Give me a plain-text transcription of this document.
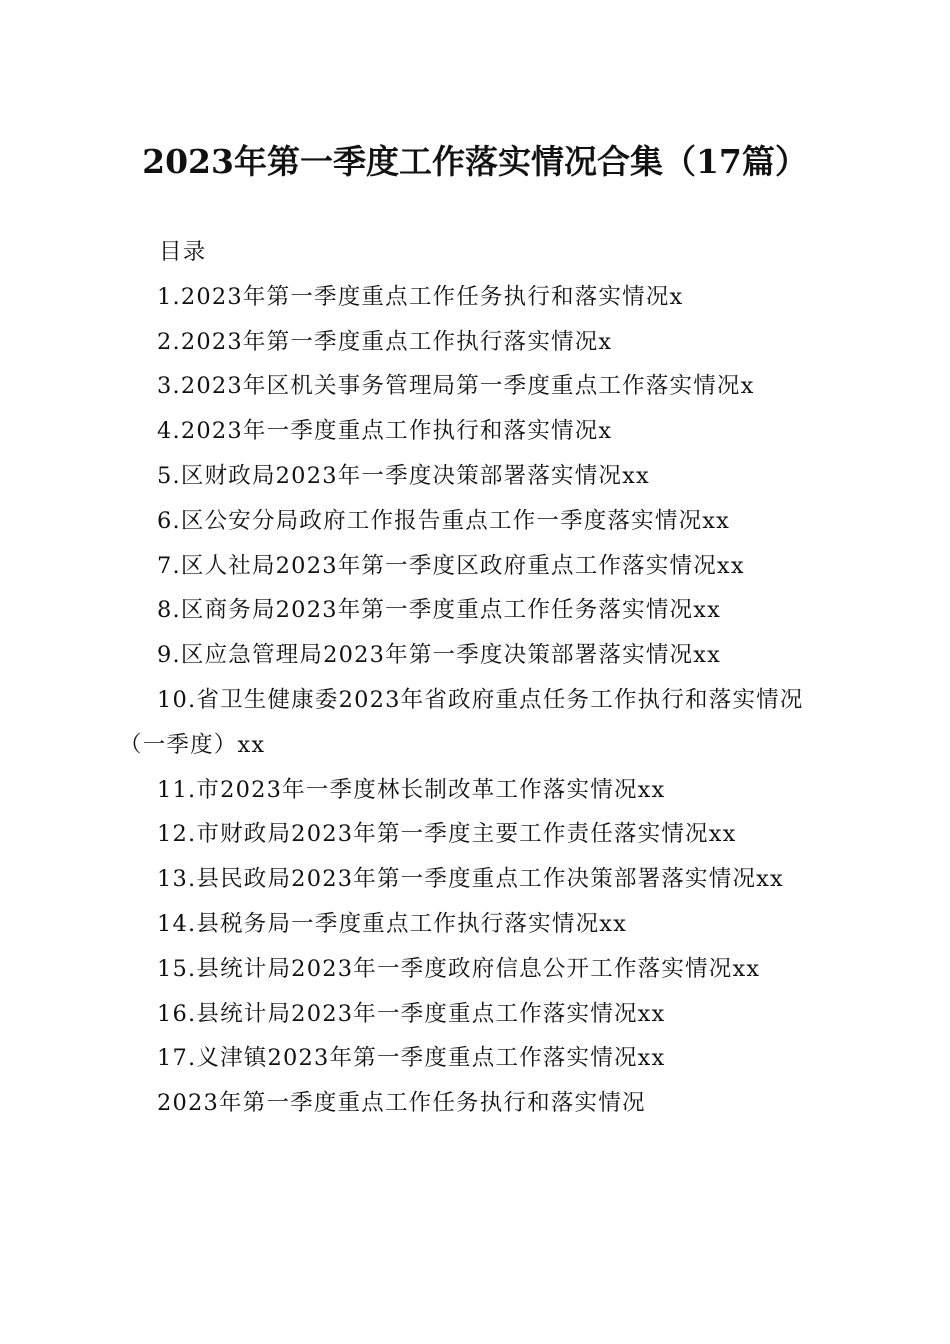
2023年第一季度工作落实情况合集（17篇）

目录

1.2023年第一季度重点工作任务执行和落实情况x
2.2023年第一季度重点工作执行落实情况x
3.2023年区机关事务管理局第一季度重点工作落实情况x
4.2023年一季度重点工作执行和落实情况x
5.区财政局2023年一季度决策部署落实情况xx
6.区公安分局政府工作报告重点工作一季度落实情况xx
7.区人社局2023年第一季度区政府重点工作落实情况xx
8.区商务局2023年第一季度重点工作任务落实情况xx
9.区应急管理局2023年第一季度决策部署落实情况xx
10.省卫生健康委2023年省政府重点任务工作执行和落实情况（一季度）xx
11.市2023年一季度林长制改革工作落实情况xx
12.市财政局2023年第一季度主要工作责任落实情况xx
13.县民政局2023年第一季度重点工作决策部署落实情况xx
14.县税务局一季度重点工作执行落实情况xx
15.县统计局2023年一季度政府信息公开工作落实情况xx
16.县统计局2023年一季度重点工作落实情况xx
17.义津镇2023年第一季度重点工作落实情况xx

2023年第一季度重点工作任务执行和落实情况
